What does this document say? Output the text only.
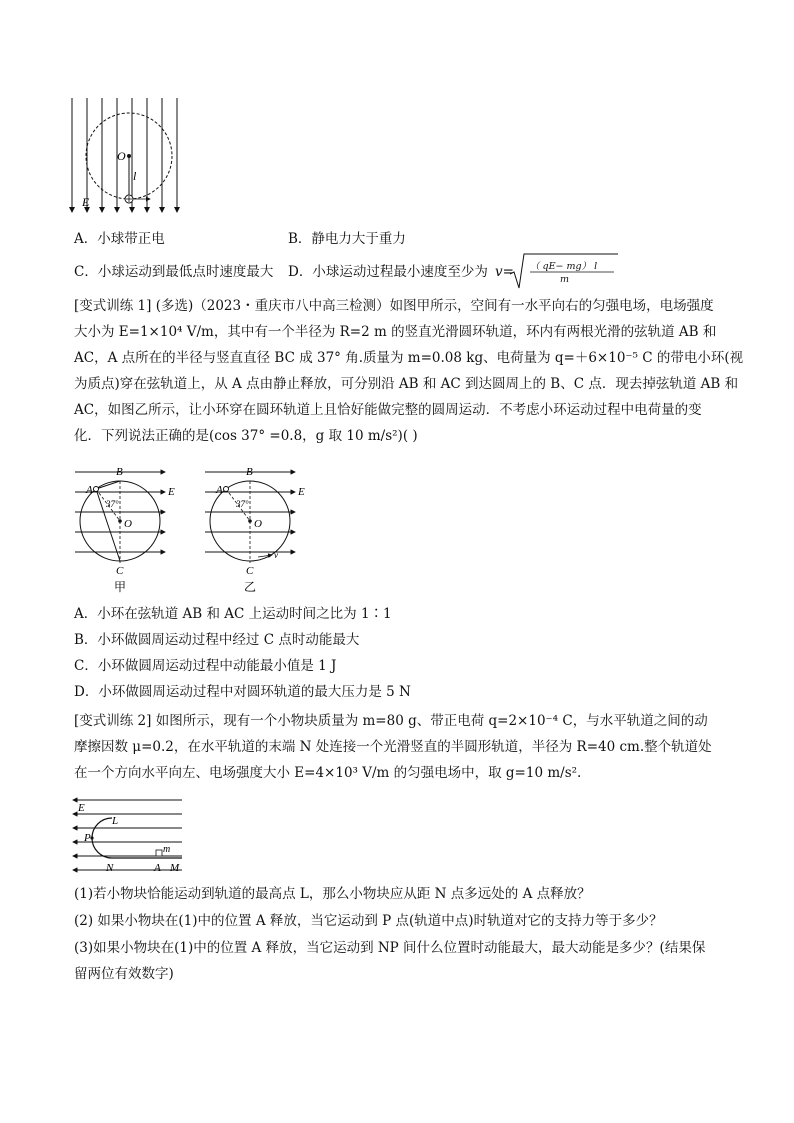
O
l
E
A．小球带正电	B．静电力大于重力
C．小球运动到最低点时速度最大 D．小球运动过程最小速度至少为 v= （ qE− mg） l
m
[变式训练 1] (多选)（2023・重庆市八中高三检测）如图甲所示，空间有一水平向右的匀强电场，电场强度
大小为 E=1×10⁴ V/m，其中有一个半径为 R=2 m 的竖直光滑圆环轨道，环内有两根光滑的弦轨道 AB 和
AC，A 点所在的半径与竖直直径 BC 成 37° 角.质量为 m=0.08 kg、电荷量为 q=＋6×10⁻⁵ C 的带电小环(视
为质点)穿在弦轨道上，从 A 点由静止释放，可分别沿 AB 和 AC 到达圆周上的 B、C 点．现去掉弦轨道 AB 和
AC，如图乙所示，让小环穿在圆环轨道上且恰好能做完整的圆周运动．不考虑小环运动过程中电荷量的变
化．下列说法正确的是(cos 37° =0.8，g 取 10 m/s²)( )
B
A
37°
E
O
C
甲
B
A
37°
E
O
C
v
乙
A．小环在弦轨道 AB 和 AC 上运动时间之比为 1∶1
B．小环做圆周运动过程中经过 C 点时动能最大
C．小环做圆周运动过程中动能最小值是 1 J
D．小环做圆周运动过程中对圆环轨道的最大压力是 5 N
[变式训练 2] 如图所示，现有一个小物块质量为 m=80 g、带正电荷 q=2×10⁻⁴ C，与水平轨道之间的动
摩擦因数 μ=0.2，在水平轨道的末端 N 处连接一个光滑竖直的半圆形轨道，半径为 R=40 cm.整个轨道处
在一个方向水平向左、电场强度大小 E=4×10³ V/m 的匀强电场中，取 g=10 m/s².
E
L
P
m
N	A M
(1)若小物块恰能运动到轨道的最高点 L，那么小物块应从距 N 点多远处的 A 点释放？
(2) 如果小物块在(1)中的位置 A 释放，当它运动到 P 点(轨道中点)时轨道对它的支持力等于多少？
(3)如果小物块在(1)中的位置 A 释放，当它运动到 NP 间什么位置时动能最大，最大动能是多少？(结果保
留两位有效数字)
